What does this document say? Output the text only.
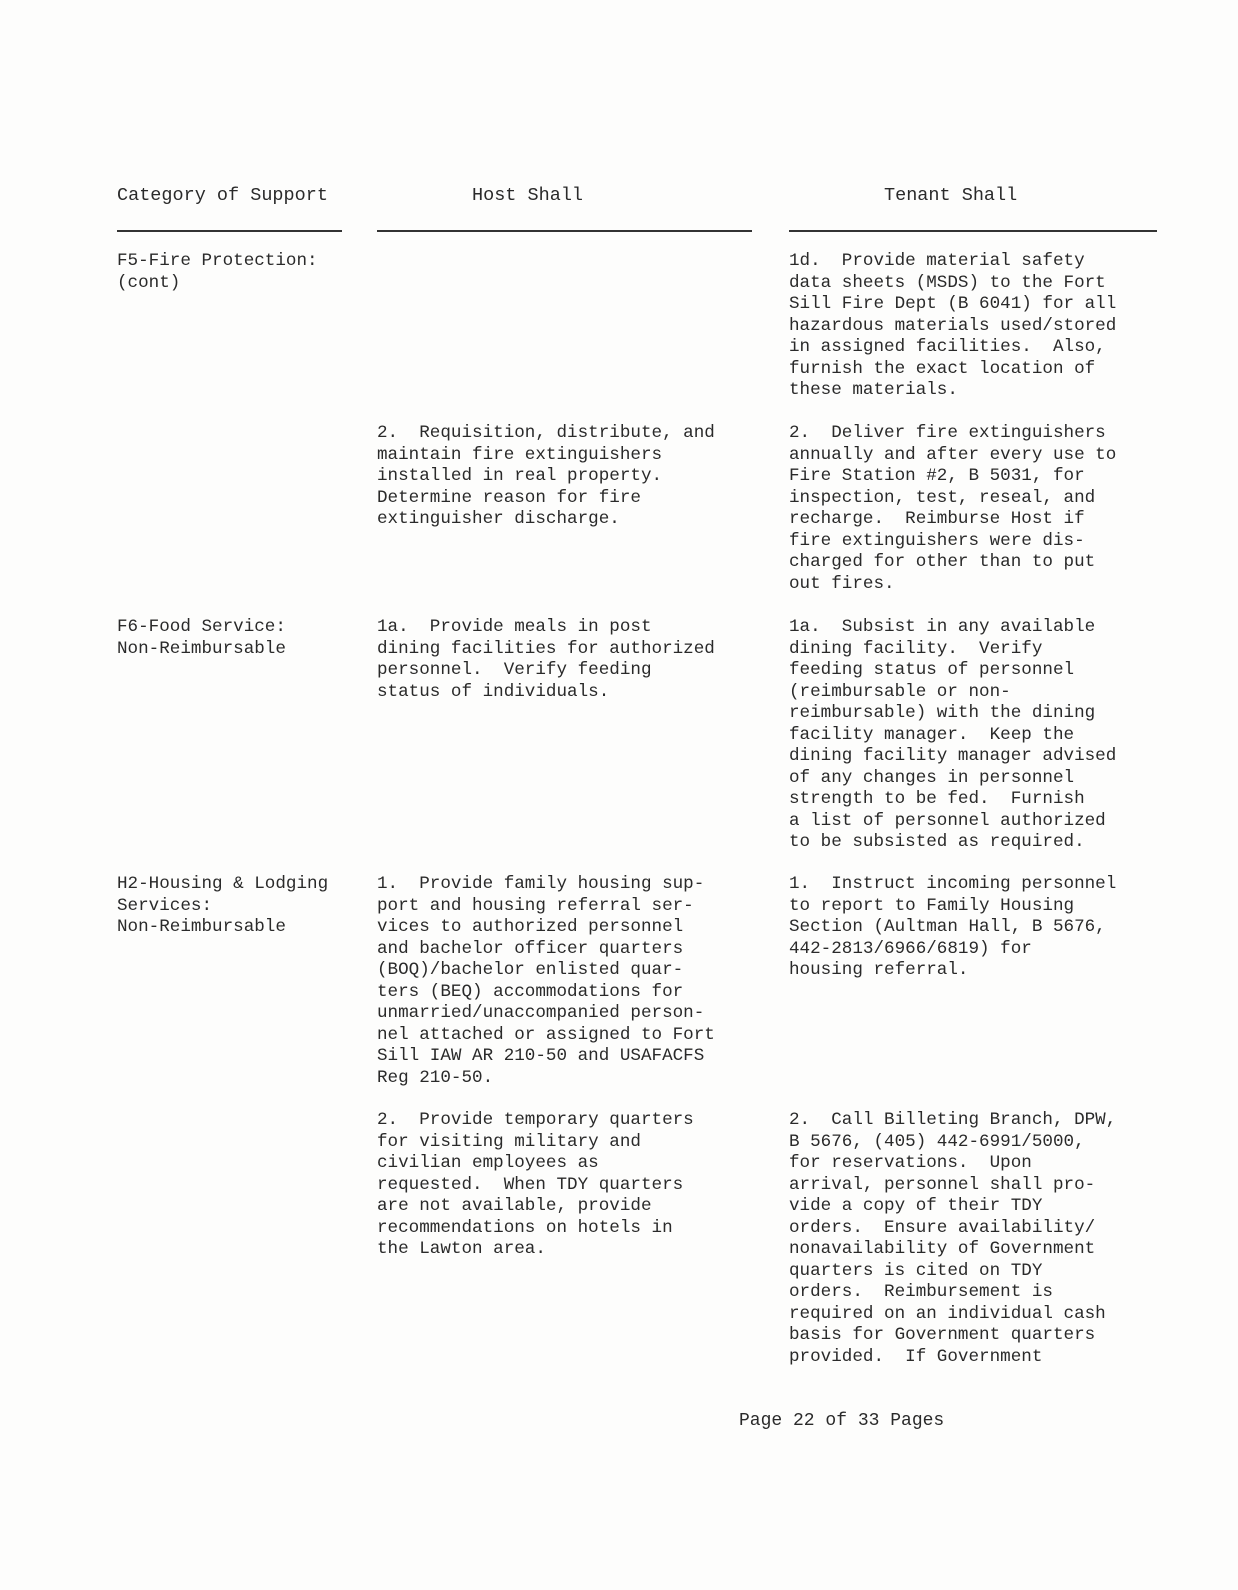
Category of Support	Host Shall	Tenant Shall
F5-Fire Protection:
(cont)
1d.  Provide material safety
data sheets (MSDS) to the Fort
Sill Fire Dept (B 6041) for all
hazardous materials used/stored
in assigned facilities.  Also,
furnish the exact location of
these materials.
2.  Requisition, distribute, and
maintain fire extinguishers
installed in real property.
Determine reason for fire
extinguisher discharge.
2.  Deliver fire extinguishers
annually and after every use to
Fire Station #2, B 5031, for
inspection, test, reseal, and
recharge.  Reimburse Host if
fire extinguishers were dis-
charged for other than to put
out fires.
F6-Food Service:
Non-Reimbursable
1a.  Provide meals in post
dining facilities for authorized
personnel.  Verify feeding
status of individuals.
1a.  Subsist in any available
dining facility.  Verify
feeding status of personnel
(reimbursable or non-
reimbursable) with the dining
facility manager.  Keep the
dining facility manager advised
of any changes in personnel
strength to be fed.  Furnish
a list of personnel authorized
to be subsisted as required.
H2-Housing & Lodging
Services:
Non-Reimbursable
1.  Provide family housing sup-
port and housing referral ser-
vices to authorized personnel
and bachelor officer quarters
(BOQ)/bachelor enlisted quar-
ters (BEQ) accommodations for
unmarried/unaccompanied person-
nel attached or assigned to Fort
Sill IAW AR 210-50 and USAFACFS
Reg 210-50.
1.  Instruct incoming personnel
to report to Family Housing
Section (Aultman Hall, B 5676,
442-2813/6966/6819) for
housing referral.
2.  Provide temporary quarters
for visiting military and
civilian employees as
requested.  When TDY quarters
are not available, provide
recommendations on hotels in
the Lawton area.
2.  Call Billeting Branch, DPW,
B 5676, (405) 442-6991/5000,
for reservations.  Upon
arrival, personnel shall pro-
vide a copy of their TDY
orders.  Ensure availability/
nonavailability of Government
quarters is cited on TDY
orders.  Reimbursement is
required on an individual cash
basis for Government quarters
provided.  If Government
Page 22 of 33 Pages
